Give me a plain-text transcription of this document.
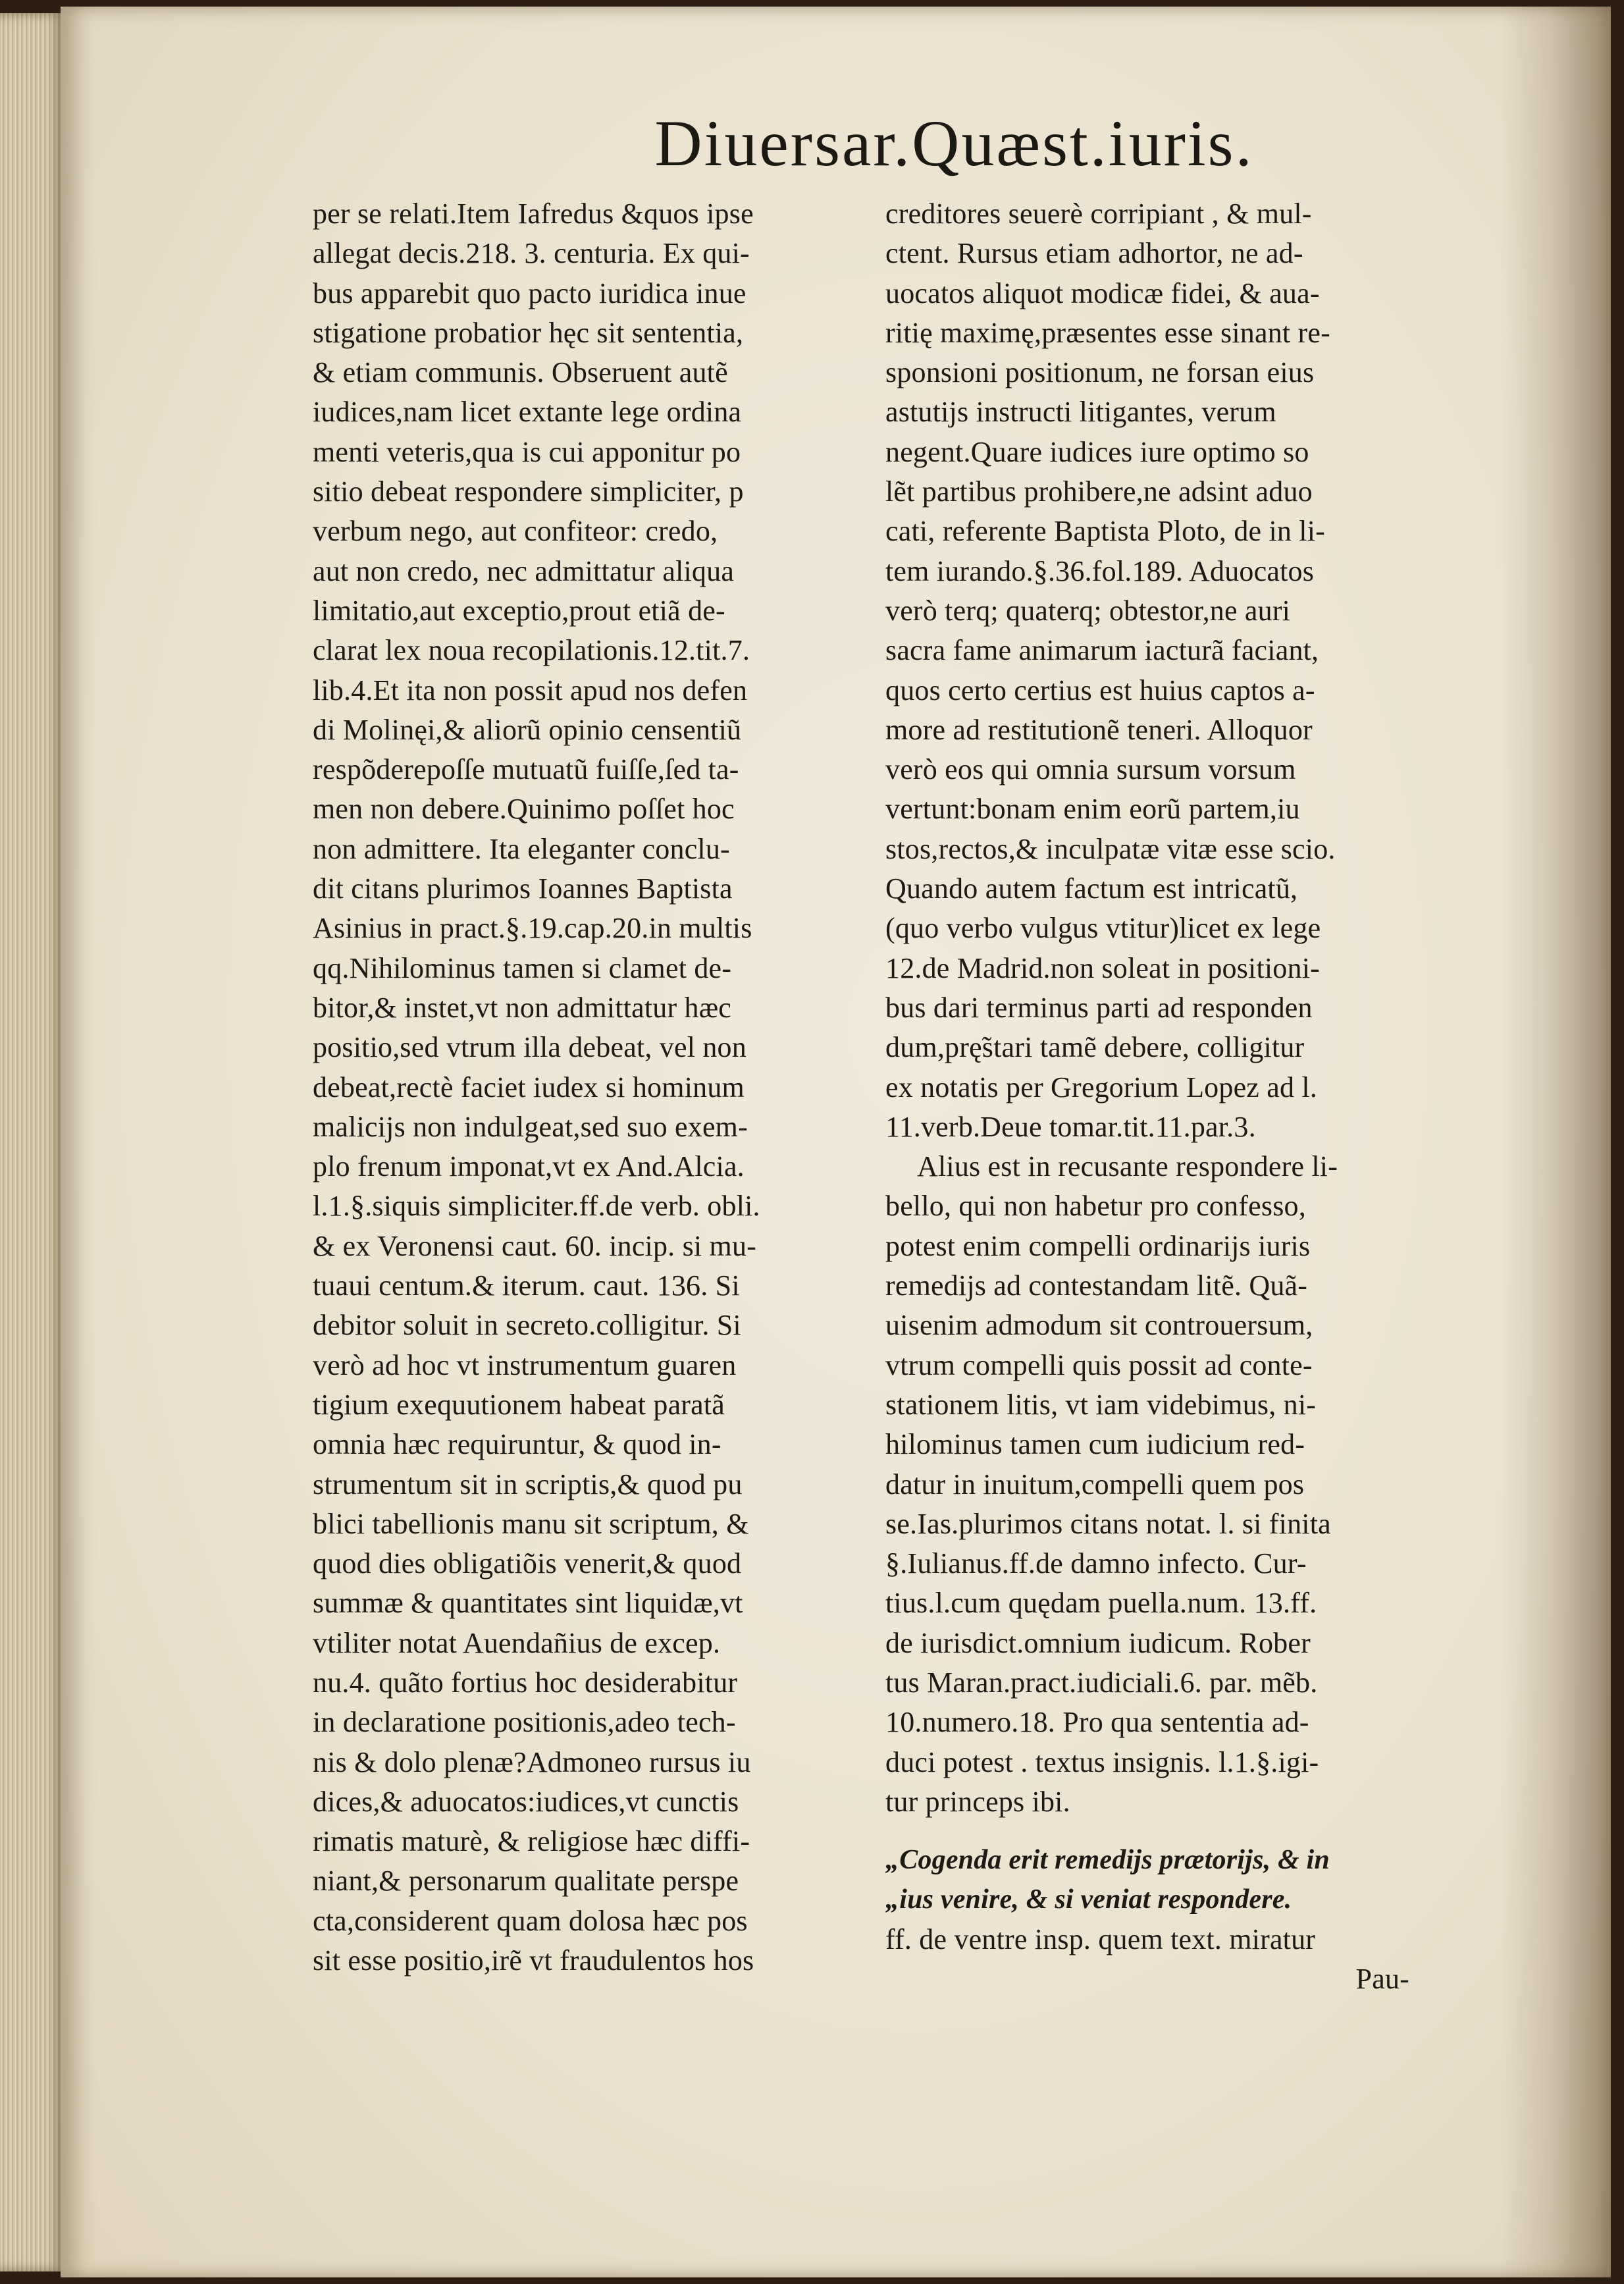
Diuersar.Quæst.iuris.
per se relati.Item Iafredus &quos ipse
allegat decis.218. 3. centuria. Ex qui-
bus apparebit quo pacto iuridica inue
stigatione probatior hęc sit sententia,
& etiam communis. Obseruent autẽ
iudices,nam licet extante lege ordina
menti veteris,qua is cui apponitur po
sitio debeat respondere simpliciter, p
verbum nego, aut confiteor: credo,
aut non credo, nec admittatur aliqua
limitatio,aut exceptio,prout etiã de-
clarat lex noua recopilationis.12.tit.7.
lib.4.Et ita non possit apud nos defen
di Molinęi,& aliorũ opinio censentiũ
respõderepoſſe mutuatũ fuiſſe,ſed ta-
men non debere.Quinimo poſſet hoc
non admittere. Ita eleganter conclu-
dit citans plurimos Ioannes Baptista
Asinius in pract.§.19.cap.20.in multis
qq.Nihilominus tamen si clamet de-
bitor,& instet,vt non admittatur hæc
positio,sed vtrum illa debeat, vel non
debeat,rectè faciet iudex si hominum
malicijs non indulgeat,sed suo exem-
plo frenum imponat,vt ex And.Alcia.
l.1.§.siquis simpliciter.ff.de verb. obli.
& ex Veronensi caut. 60. incip. si mu-
tuaui centum.& iterum. caut. 136. Si
debitor soluit in secreto.colligitur. Si
verò ad hoc vt instrumentum guaren
tigium exequutionem habeat paratã
omnia hæc requiruntur, & quod in-
strumentum sit in scriptis,& quod pu
blici tabellionis manu sit scriptum, &
quod dies obligatiõis venerit,& quod
summæ & quantitates sint liquidæ,vt
vtiliter notat Auendañius de excep.
nu.4. quãto fortius hoc desiderabitur
in declaratione positionis,adeo tech-
nis & dolo plenæ?Admoneo rursus iu
dices,& aduocatos:iudices,vt cunctis
rimatis maturè, & religiose hæc diffi-
niant,& personarum qualitate perspe
cta,considerent quam dolosa hæc pos
sit esse positio,irẽ vt fraudulentos hos
creditores seuerè corripiant , & mul-
ctent. Rursus etiam adhortor, ne ad-
uocatos aliquot modicæ fidei, & aua-
ritię maximę,præsentes esse sinant re-
sponsioni positionum, ne forsan eius
astutijs instructi litigantes, verum
negent.Quare iudices iure optimo so
lẽt partibus prohibere,ne adsint aduo
cati, referente Baptista Ploto, de in li-
tem iurando.§.36.fol.189. Aduocatos
verò terq; quaterq; obtestor,ne auri
sacra fame animarum iacturã faciant,
quos certo certius est huius captos a-
more ad restitutionẽ teneri. Alloquor
verò eos qui omnia sursum vorsum
vertunt:bonam enim eorũ partem,iu
stos,rectos,& inculpatæ vitæ esse scio.
Quando autem factum est intricatũ,
(quo verbo vulgus vtitur)licet ex lege
12.de Madrid.non soleat in positioni-
bus dari terminus parti ad responden
dum,prę̃stari tamẽ debere, colligitur
ex notatis per Gregorium Lopez ad l.
11.verb.Deue tomar.tit.11.par.3.
Alius est in recusante respondere li-
bello, qui non habetur pro confesso,
potest enim compelli ordinarijs iuris
remedijs ad contestandam litẽ. Quã-
uisenim admodum sit controuersum,
vtrum compelli quis possit ad conte-
stationem litis, vt iam videbimus, ni-
hilominus tamen cum iudicium red-
datur in inuitum,compelli quem pos
se.Ias.plurimos citans notat. l. si finita
§.Iulianus.ff.de damno infecto. Cur-
tius.l.cum quędam puella.num. 13.ff.
de iurisdict.omnium iudicum. Rober
tus Maran.pract.iudiciali.6. par. mẽb.
10.numero.18. Pro qua sententia ad-
duci potest . textus insignis. l.1.§.igi-
tur princeps ibi.
„Cogenda erit remedijs prætorijs, & in
„ius venire, & si veniat respondere.
ff. de ventre insp. quem text. miratur
Pau-
